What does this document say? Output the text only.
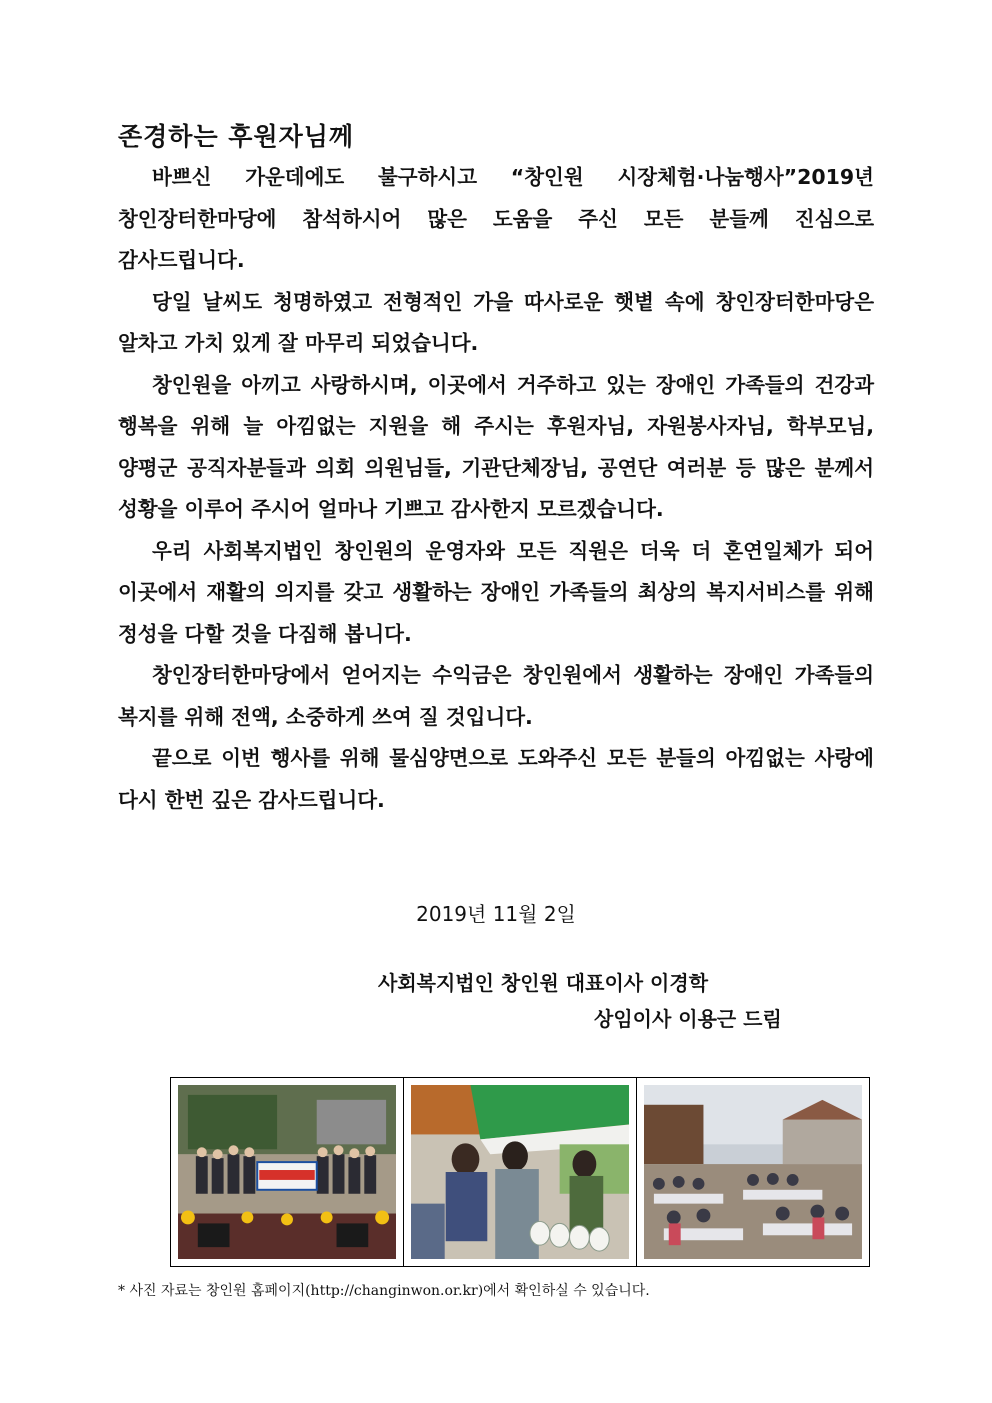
존경하는 후원자님께

바쁘신 가운데에도 불구하시고 “창인원 시장체험·나눔행사”2019년 창인장터한마당에 참석하시어 많은 도움을 주신 모든 분들께 진심으로 감사드립니다.

당일 날씨도 청명하였고 전형적인 가을 따사로운 햇볕 속에 창인장터한마당은 알차고 가치 있게 잘 마무리 되었습니다.

창인원을 아끼고 사랑하시며, 이곳에서 거주하고 있는 장애인 가족들의 건강과 행복을 위해 늘 아낌없는 지원을 해 주시는 후원자님, 자원봉사자님, 학부모님, 양평군 공직자분들과 의회 의원님들, 기관단체장님, 공연단 여러분 등 많은 분께서 성황을 이루어 주시어 얼마나 기쁘고 감사한지 모르겠습니다.

우리 사회복지법인 창인원의 운영자와 모든 직원은 더욱 더 혼연일체가 되어 이곳에서 재활의 의지를 갖고 생활하는 장애인 가족들의 최상의 복지서비스를 위해 정성을 다할 것을 다짐해 봅니다.

창인장터한마당에서 얻어지는 수익금은 창인원에서 생활하는 장애인 가족들의 복지를 위해 전액, 소중하게 쓰여 질 것입니다.

끝으로 이번 행사를 위해 물심양면으로 도와주신 모든 분들의 아낌없는 사랑에 다시 한번 깊은 감사드립니다.

2019년 11월 2일

사회복지법인 창인원 대표이사 이경학

상임이사 이용근 드림

* 사진 자료는 창인원 홈페이지(http://changinwon.or.kr)에서 확인하실 수 있습니다.
